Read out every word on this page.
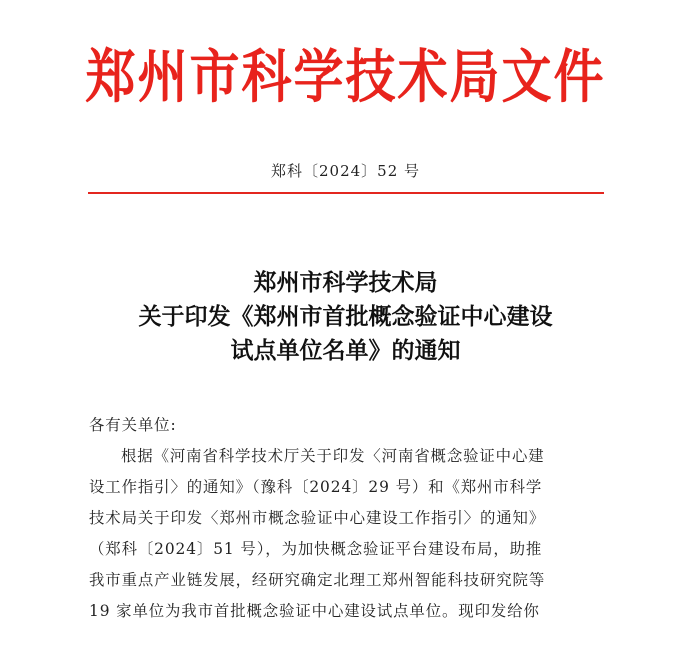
郑州市科学技术局文件
郑科〔2024〕52 号
郑州市科学技术局
关于印发《郑州市首批概念验证中心建设
试点单位名单》的通知
各有关单位:
根据《河南省科学技术厅关于印发〈河南省概念验证中心建
设工作指引〉的通知》（豫科〔2024〕29 号）和《郑州市科学
技术局关于印发〈郑州市概念验证中心建设工作指引〉的通知》
（郑科〔2024〕51 号），为加快概念验证平台建设布局，助推
我市重点产业链发展，经研究确定北理工郑州智能科技研究院等
19 家单位为我市首批概念验证中心建设试点单位。现印发给你
